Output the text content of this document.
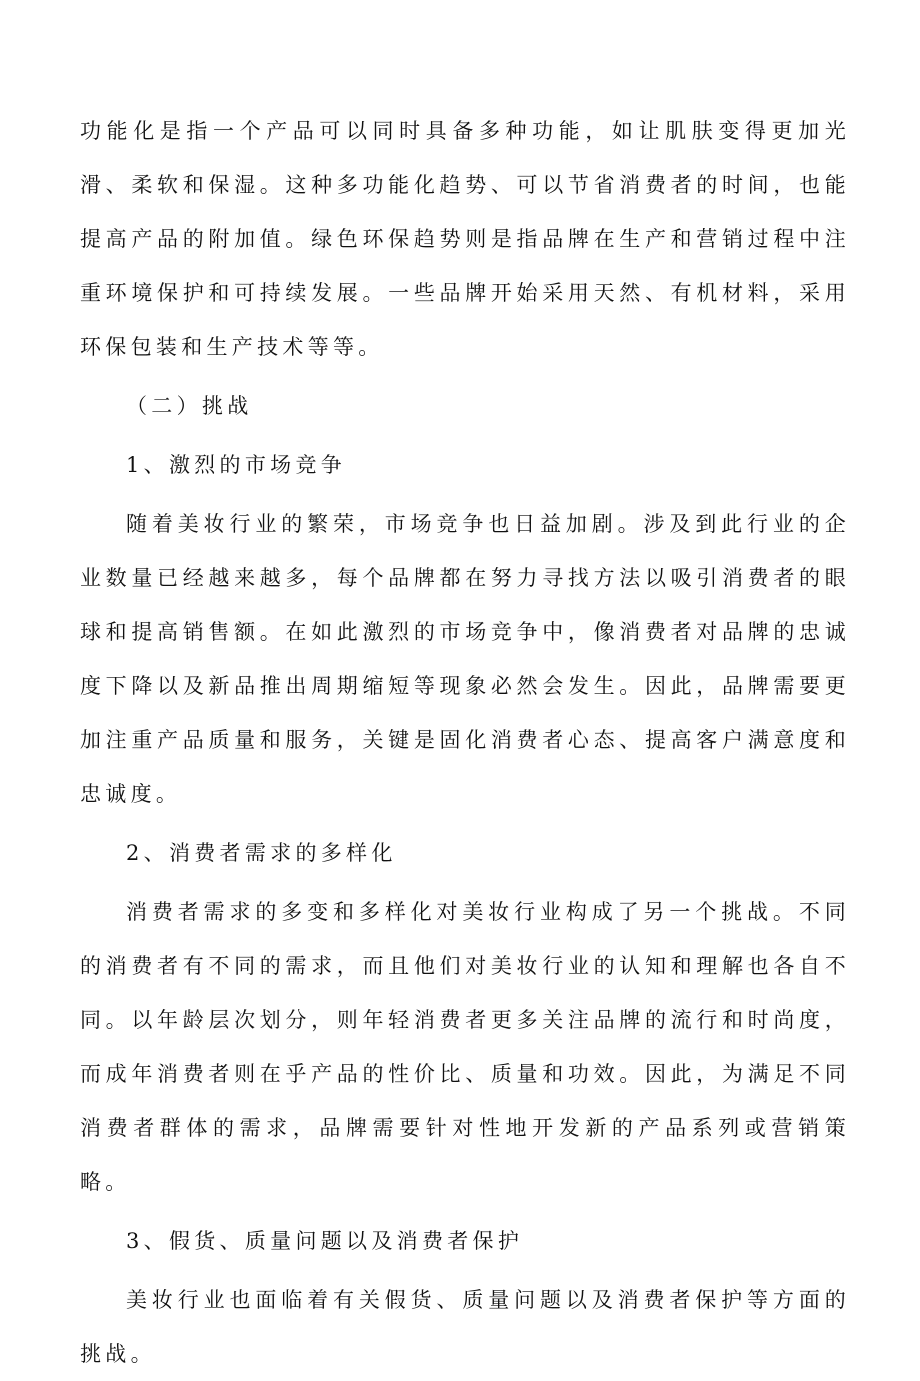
功能化是指一个产品可以同时具备多种功能，如让肌肤变得更加光滑、柔软和保湿。这种多功能化趋势、可以节省消费者的时间，也能提高产品的附加值。绿色环保趋势则是指品牌在生产和营销过程中注重环境保护和可持续发展。一些品牌开始采用天然、有机材料，采用环保包装和生产技术等等。

（二）挑战

1、激烈的市场竞争

随着美妆行业的繁荣，市场竞争也日益加剧。涉及到此行业的企业数量已经越来越多，每个品牌都在努力寻找方法以吸引消费者的眼球和提高销售额。在如此激烈的市场竞争中，像消费者对品牌的忠诚度下降以及新品推出周期缩短等现象必然会发生。因此，品牌需要更加注重产品质量和服务，关键是固化消费者心态、提高客户满意度和忠诚度。

2、消费者需求的多样化

消费者需求的多变和多样化对美妆行业构成了另一个挑战。不同的消费者有不同的需求，而且他们对美妆行业的认知和理解也各自不同。以年龄层次划分，则年轻消费者更多关注品牌的流行和时尚度，而成年消费者则在乎产品的性价比、质量和功效。因此，为满足不同消费者群体的需求，品牌需要针对性地开发新的产品系列或营销策略。

3、假货、质量问题以及消费者保护

美妆行业也面临着有关假货、质量问题以及消费者保护等方面的挑战。
